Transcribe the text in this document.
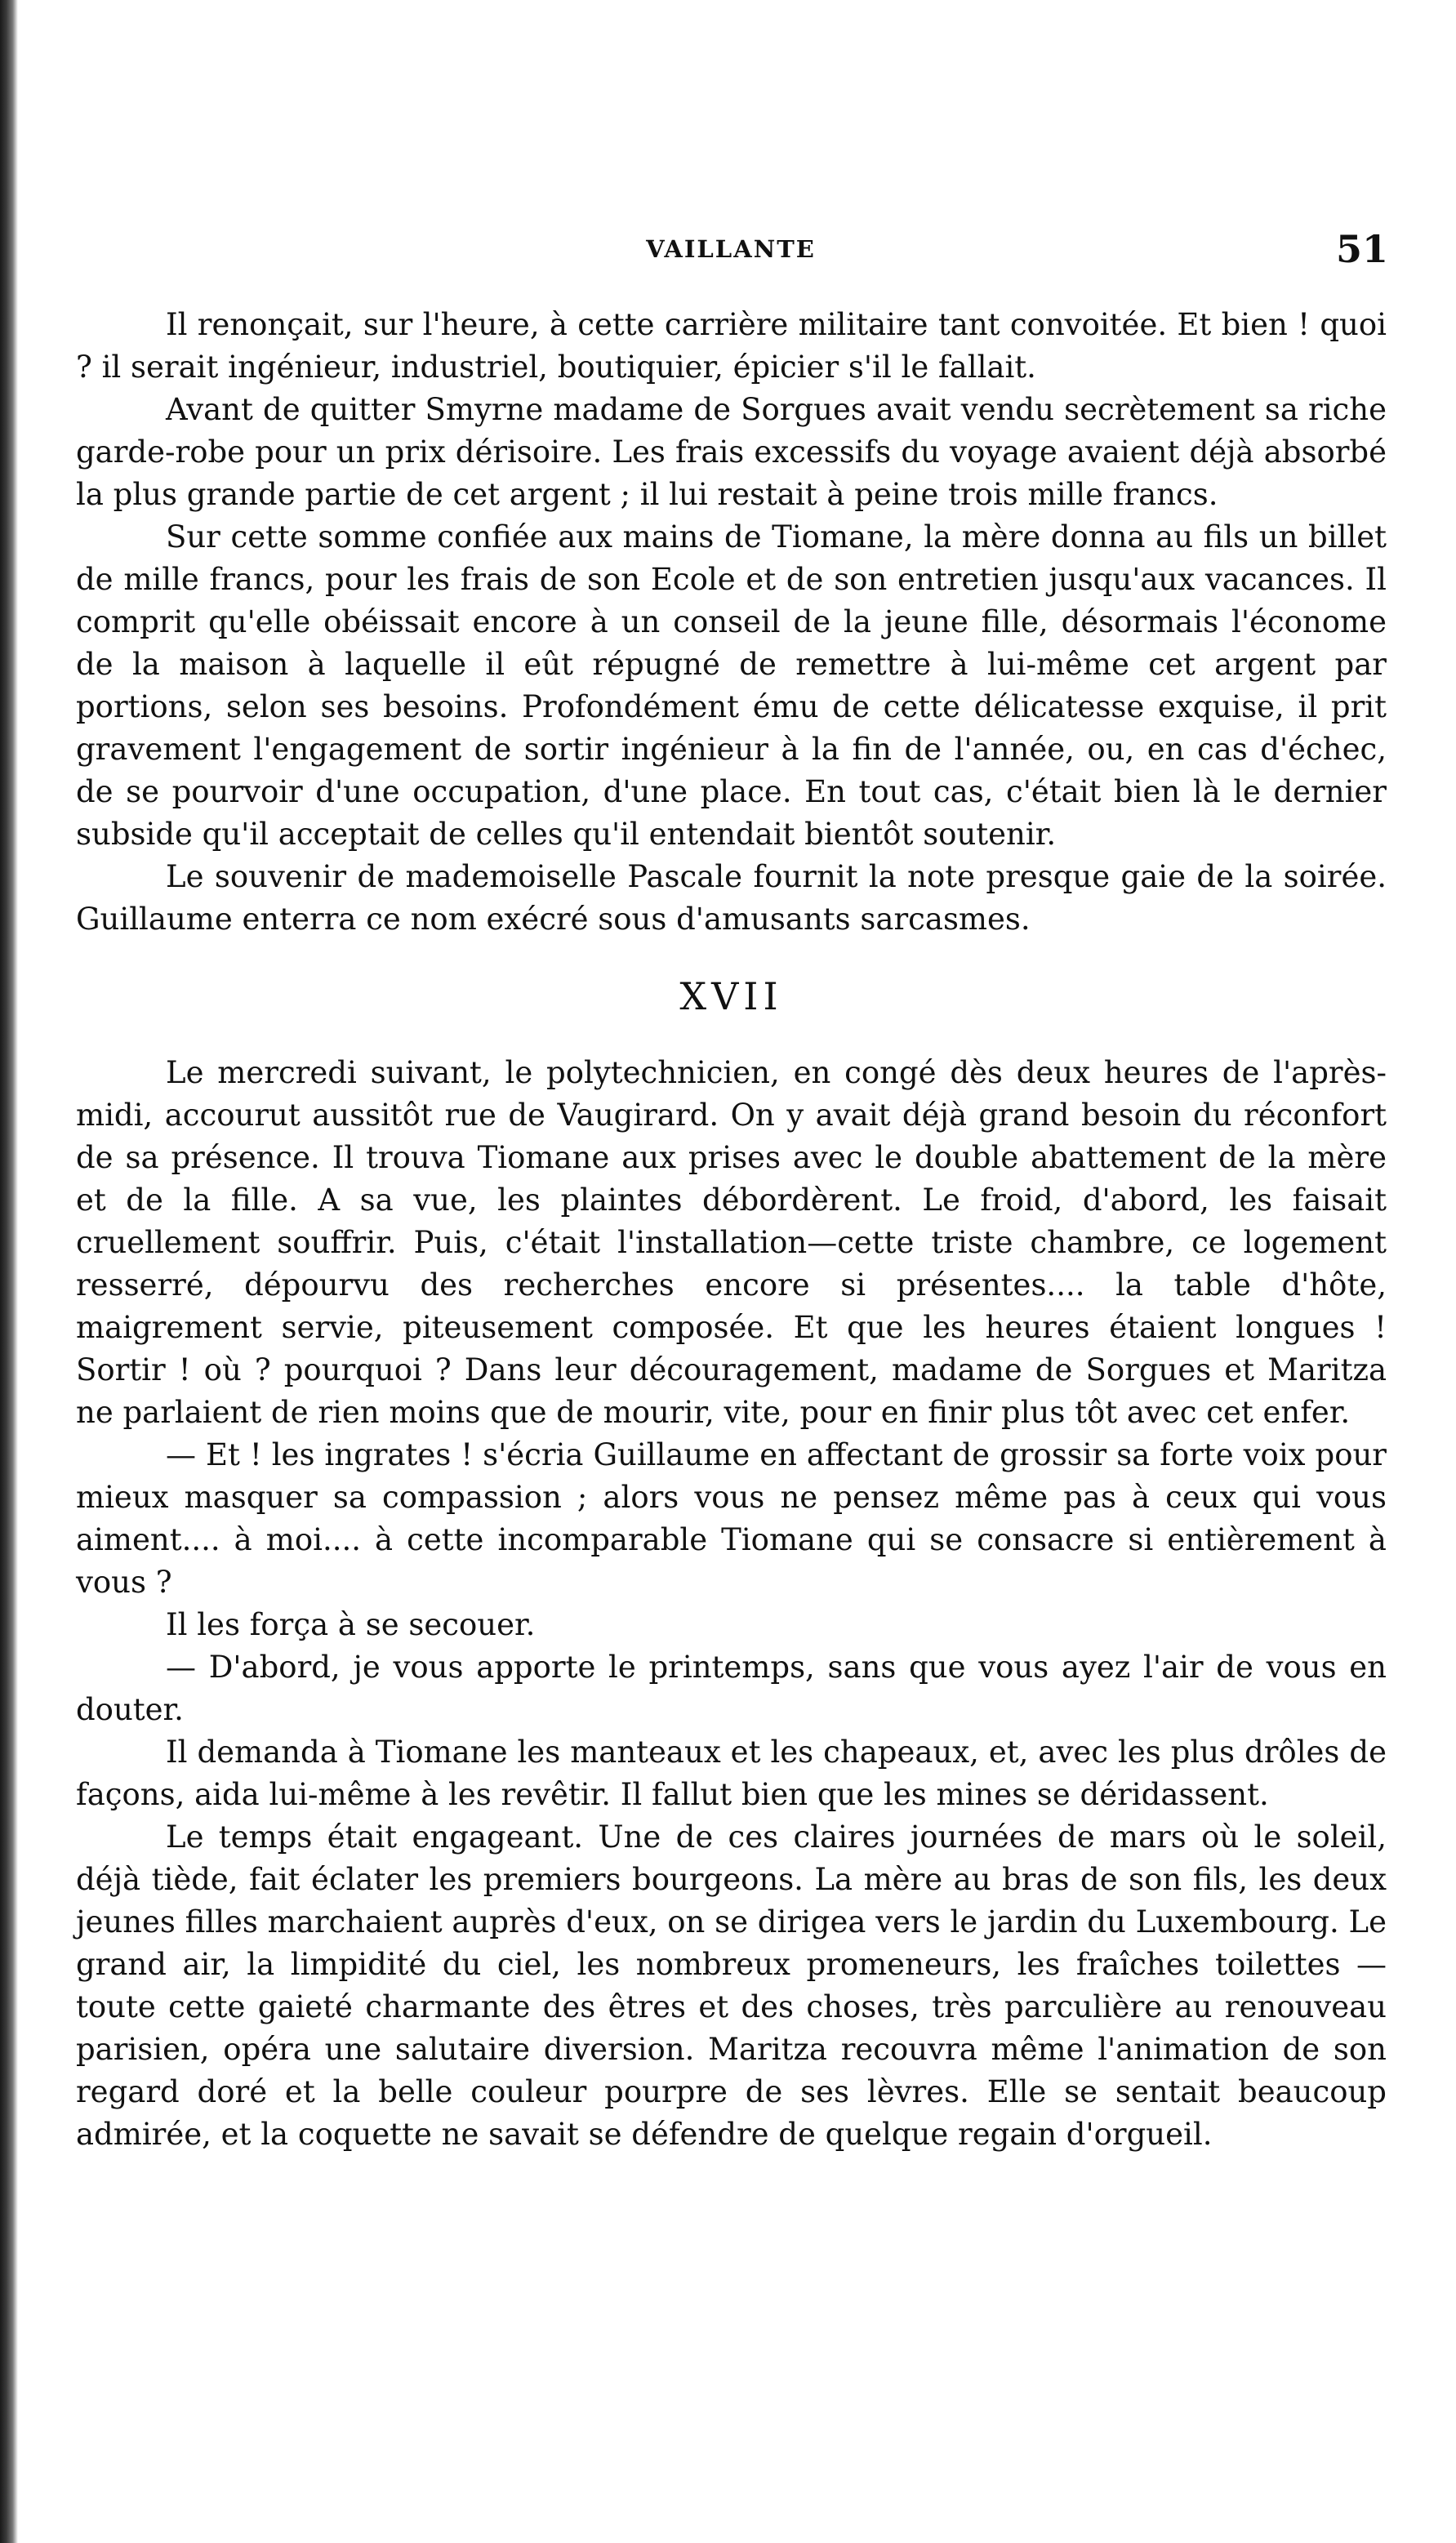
VAILLANTE	51

Il renonçait, sur l'heure, à cette carrière militaire tant convoitée. Et bien ! quoi ? il serait ingénieur, industriel, boutiquier, épicier s'il le fallait.

Avant de quitter Smyrne madame de Sorgues avait vendu secrètement sa riche garde-robe pour un prix dérisoire. Les frais excessifs du voyage avaient déjà absorbé la plus grande partie de cet argent ; il lui restait à peine trois mille francs.

Sur cette somme confiée aux mains de Tiomane, la mère donna au fils un billet de mille francs, pour les frais de son Ecole et de son entretien jusqu'aux vacances. Il comprit qu'elle obéissait encore à un conseil de la jeune fille, désormais l'économe de la maison à laquelle il eût répugné de remettre à lui-même cet argent par portions, selon ses besoins. Profondément ému de cette délicatesse exquise, il prit gravement l'engagement de sortir ingénieur à la fin de l'année, ou, en cas d'échec, de se pourvoir d'une occupation, d'une place. En tout cas, c'était bien là le dernier subside qu'il acceptait de celles qu'il entendait bientôt soutenir.

Le souvenir de mademoiselle Pascale fournit la note presque gaie de la soirée. Guillaume enterra ce nom exécré sous d'amusants sarcasmes.

XVII

Le mercredi suivant, le polytechnicien, en congé dès deux heures de l'après-midi, accourut aussitôt rue de Vaugirard. On y avait déjà grand besoin du réconfort de sa présence. Il trouva Tiomane aux prises avec le double abattement de la mère et de la fille. A sa vue, les plaintes débordèrent. Le froid, d'abord, les faisait cruellement souffrir. Puis, c'était l'installation—cette triste chambre, ce logement resserré, dépourvu des recherches encore si présentes.... la table d'hôte, maigrement servie, piteusement composée. Et que les heures étaient longues ! Sortir ! où ? pourquoi ? Dans leur découragement, madame de Sorgues et Maritza ne parlaient de rien moins que de mourir, vite, pour en finir plus tôt avec cet enfer.

— Et ! les ingrates ! s'écria Guillaume en affectant de grossir sa forte voix pour mieux masquer sa compassion ; alors vous ne pensez même pas à ceux qui vous aiment.... à moi.... à cette incomparable Tiomane qui se consacre si entièrement à vous ?

Il les força à se secouer.

— D'abord, je vous apporte le printemps, sans que vous ayez l'air de vous en douter.

Il demanda à Tiomane les manteaux et les chapeaux, et, avec les plus drôles de façons, aida lui-même à les revêtir. Il fallut bien que les mines se déridassent.

Le temps était engageant. Une de ces claires journées de mars où le soleil, déjà tiède, fait éclater les premiers bourgeons. La mère au bras de son fils, les deux jeunes filles marchaient auprès d'eux, on se dirigea vers le jardin du Luxembourg. Le grand air, la limpidité du ciel, les nombreux promeneurs, les fraîches toilettes — toute cette gaieté charmante des êtres et des choses, très parculière au renouveau parisien, opéra une salutaire diversion. Maritza recouvra même l'animation de son regard doré et la belle couleur pourpre de ses lèvres. Elle se sentait beaucoup admirée, et la coquette ne savait se défendre de quelque regain d'orgueil.
